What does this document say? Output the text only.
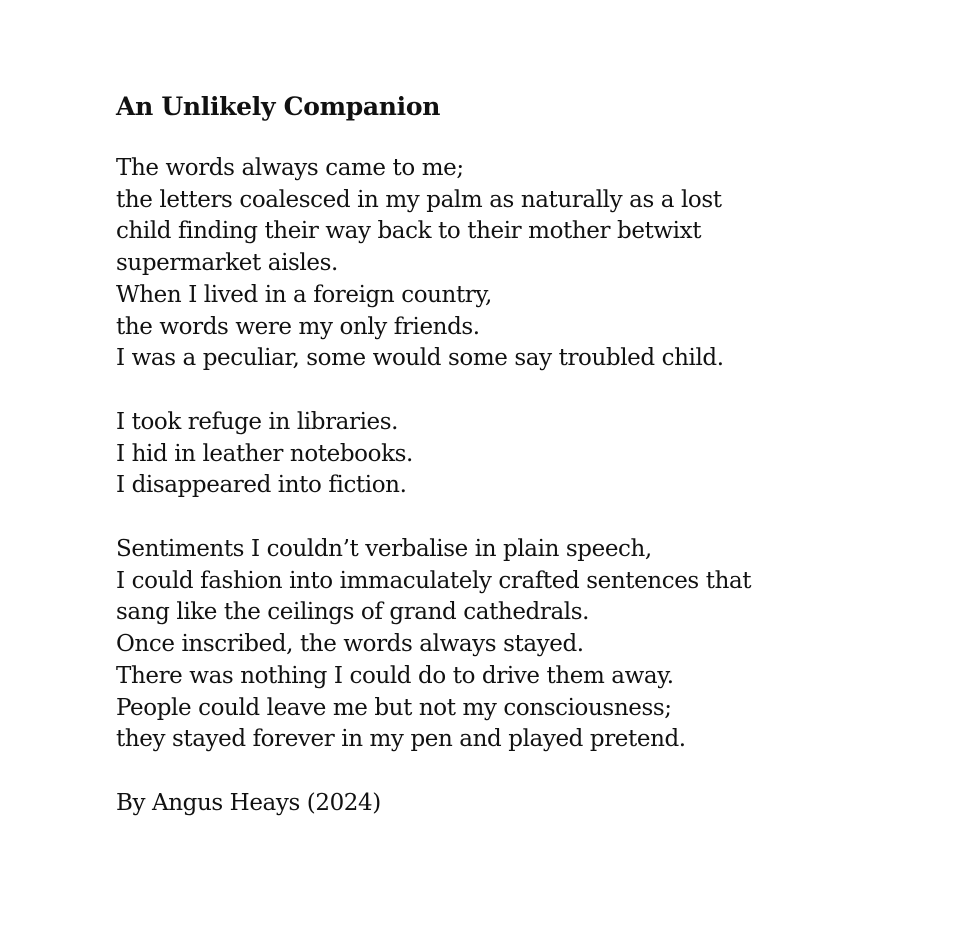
An Unlikely Companion
The words always came to me;
the letters coalesced in my palm as naturally as a lost
child finding their way back to their mother betwixt
supermarket aisles.
When I lived in a foreign country,
the words were my only friends.
I was a peculiar, some would some say troubled child.
I took refuge in libraries.
I hid in leather notebooks.
I disappeared into fiction.
Sentiments I couldn’t verbalise in plain speech,
I could fashion into immaculately crafted sentences that
sang like the ceilings of grand cathedrals.
Once inscribed, the words always stayed.
There was nothing I could do to drive them away.
People could leave me but not my consciousness;
they stayed forever in my pen and played pretend.
By Angus Heays (2024)
